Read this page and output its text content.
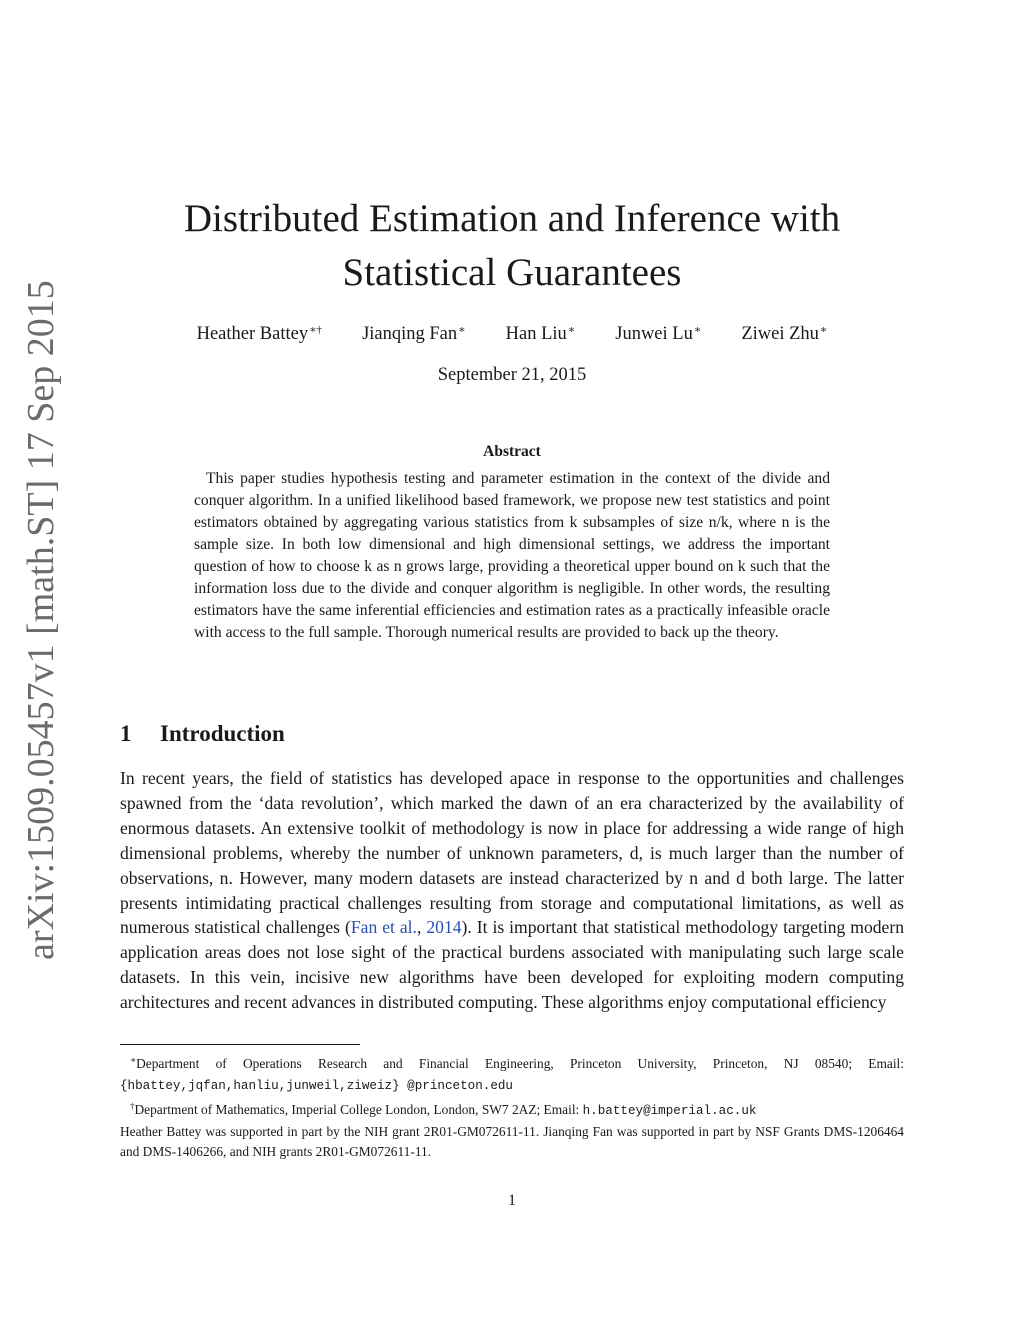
arXiv:1509.05457v1 [math.ST] 17 Sep 2015
Distributed Estimation and Inference with
Statistical Guarantees
Heather Battey∗† Jianqing Fan∗ Han Liu∗ Junwei Lu∗ Ziwei Zhu∗
September 21, 2015
Abstract

This paper studies hypothesis testing and parameter estimation in the context of the divide and conquer algorithm. In a unified likelihood based framework, we propose new test statistics and point estimators obtained by aggregating various statistics from k subsamples of size n/k, where n is the sample size. In both low dimensional and high dimensional settings, we address the important question of how to choose k as n grows large, providing a theoretical upper bound on k such that the information loss due to the divide and conquer algorithm is negligible. In other words, the resulting estimators have the same inferential efficiencies and estimation rates as a practically infeasible oracle with access to the full sample. Thorough numerical results are provided to back up the theory.

1 Introduction

In recent years, the field of statistics has developed apace in response to the opportunities and challenges spawned from the ‘data revolution’, which marked the dawn of an era characterized by the availability of enormous datasets. An extensive toolkit of methodology is now in place for addressing a wide range of high dimensional problems, whereby the number of unknown parameters, d, is much larger than the number of observations, n. However, many modern datasets are instead characterized by n and d both large. The latter presents intimidating practical challenges resulting from storage and computational limitations, as well as numerous statistical challenges (Fan et al., 2014). It is important that statistical methodology targeting modern application areas does not lose sight of the practical burdens associated with manipulating such large scale datasets. In this vein, incisive new algorithms have been developed for exploiting modern computing architectures and recent advances in distributed computing. These algorithms enjoy computational efficiency

∗Department of Operations Research and Financial Engineering, Princeton University, Princeton, NJ 08540; Email: {hbattey,jqfan,hanliu,junweil,ziweiz} @princeton.edu

†Department of Mathematics, Imperial College London, London, SW7 2AZ; Email: h.battey@imperial.ac.uk

Heather Battey was supported in part by the NIH grant 2R01-GM072611-11. Jianqing Fan was supported in part by NSF Grants DMS-1206464 and DMS-1406266, and NIH grants 2R01-GM072611-11.

1
